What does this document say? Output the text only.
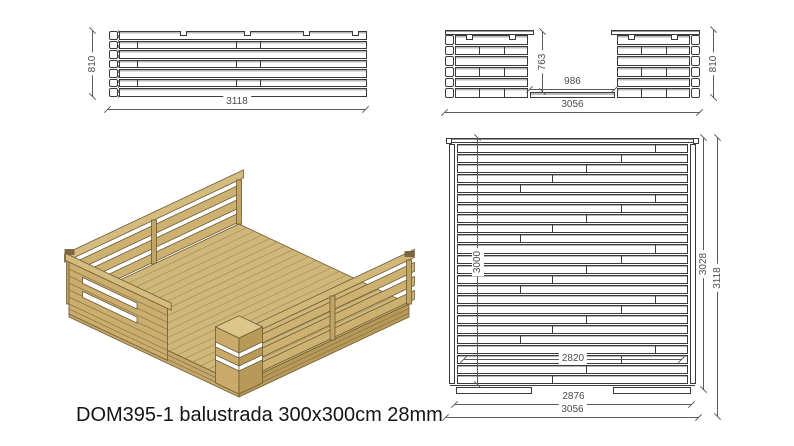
810
3118
763
986
810
3056
3000
2820
2876
3056
3028
3118
DOM395-1 balustrada 300x300cm 28mm
